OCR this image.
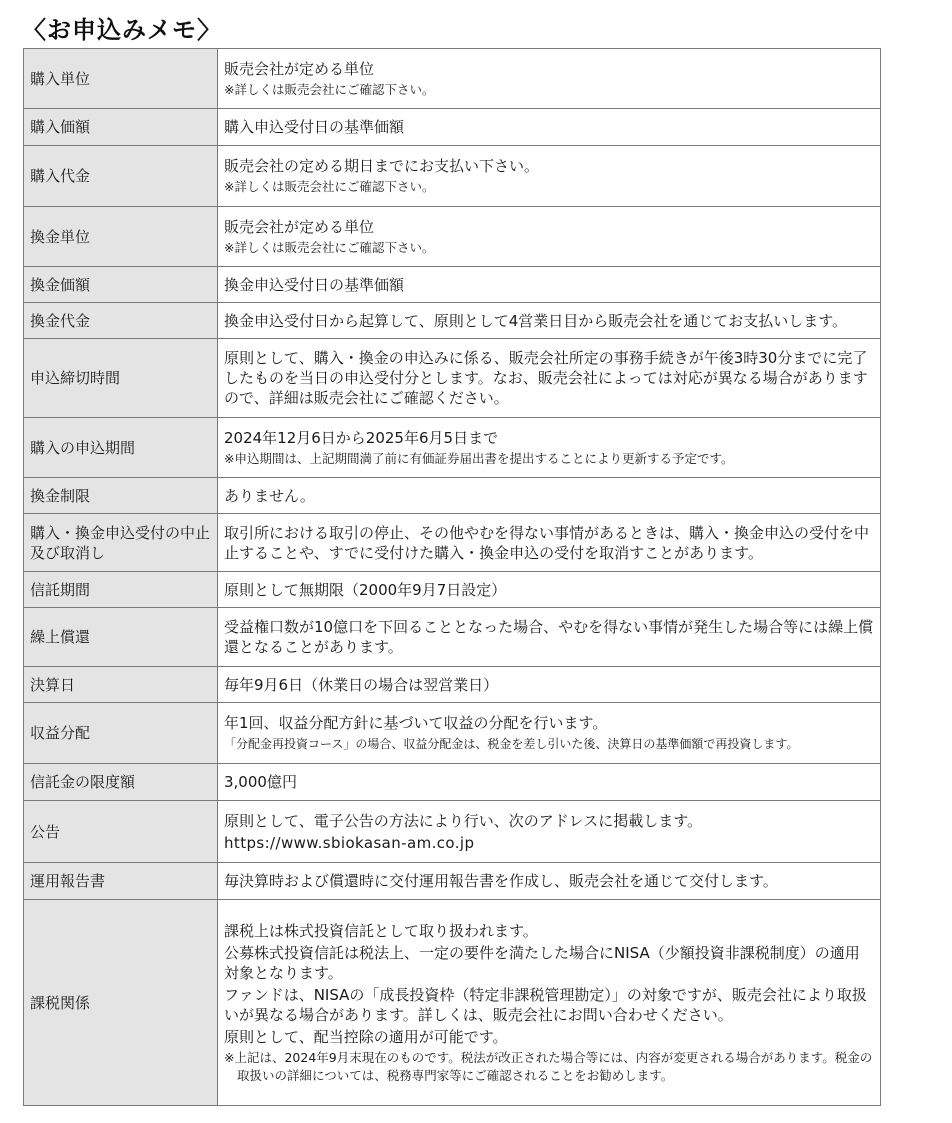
〈お申込みメモ〉
購入単位	販売会社が定める単位
※詳しくは販売会社にご確認下さい。

購入価額	購入申込受付日の基準価額

購入代金	販売会社の定める期日までにお支払い下さい。
※詳しくは販売会社にご確認下さい。

換金単位	販売会社が定める単位
※詳しくは販売会社にご確認下さい。

換金価額	換金申込受付日の基準価額

換金代金	換金申込受付日から起算して、原則として4営業日目から販売会社を通じてお支払いします。

申込締切時間	原則として、購入・換金の申込みに係る、販売会社所定の事務手続きが午後3時30分までに完了したものを当日の申込受付分とします。なお、販売会社によっては対応が異なる場合がありますので、詳細は販売会社にご確認ください。

購入の申込期間	2024年12月6日から2025年6月5日まで
※申込期間は、上記期間満了前に有価証券届出書を提出することにより更新する予定です。

換金制限	ありません。

購入・換金申込受付の中止及び取消し	取引所における取引の停止、その他やむを得ない事情があるときは、購入・換金申込の受付を中止することや、すでに受付けた購入・換金申込の受付を取消すことがあります。

信託期間	原則として無期限（2000年9月7日設定）

繰上償還	受益権口数が10億口を下回ることとなった場合、やむを得ない事情が発生した場合等には繰上償還となることがあります。

決算日	毎年9月6日（休業日の場合は翌営業日）

収益分配	年1回、収益分配方針に基づいて収益の分配を行います。
「分配金再投資コース」の場合、収益分配金は、税金を差し引いた後、決算日の基準価額で再投資します。

信託金の限度額	3,000億円

公告	原則として、電子公告の方法により行い、次のアドレスに掲載します。
https://www.sbiokasan-am.co.jp

運用報告書	毎決算時および償還時に交付運用報告書を作成し、販売会社を通じて交付します。

課税関係	課税上は株式投資信託として取り扱われます。
公募株式投資信託は税法上、一定の要件を満たした場合にNISA（少額投資非課税制度）の適用対象となります。
ファンドは、NISAの「成長投資枠（特定非課税管理勘定）」の対象ですが、販売会社により取扱いが異なる場合があります。詳しくは、販売会社にお問い合わせください。
原則として、配当控除の適用が可能です。
※上記は、2024年9月末現在のものです。税法が改正された場合等には、内容が変更される場合があります。税金の取扱いの詳細については、税務専門家等にご確認されることをお勧めします。
